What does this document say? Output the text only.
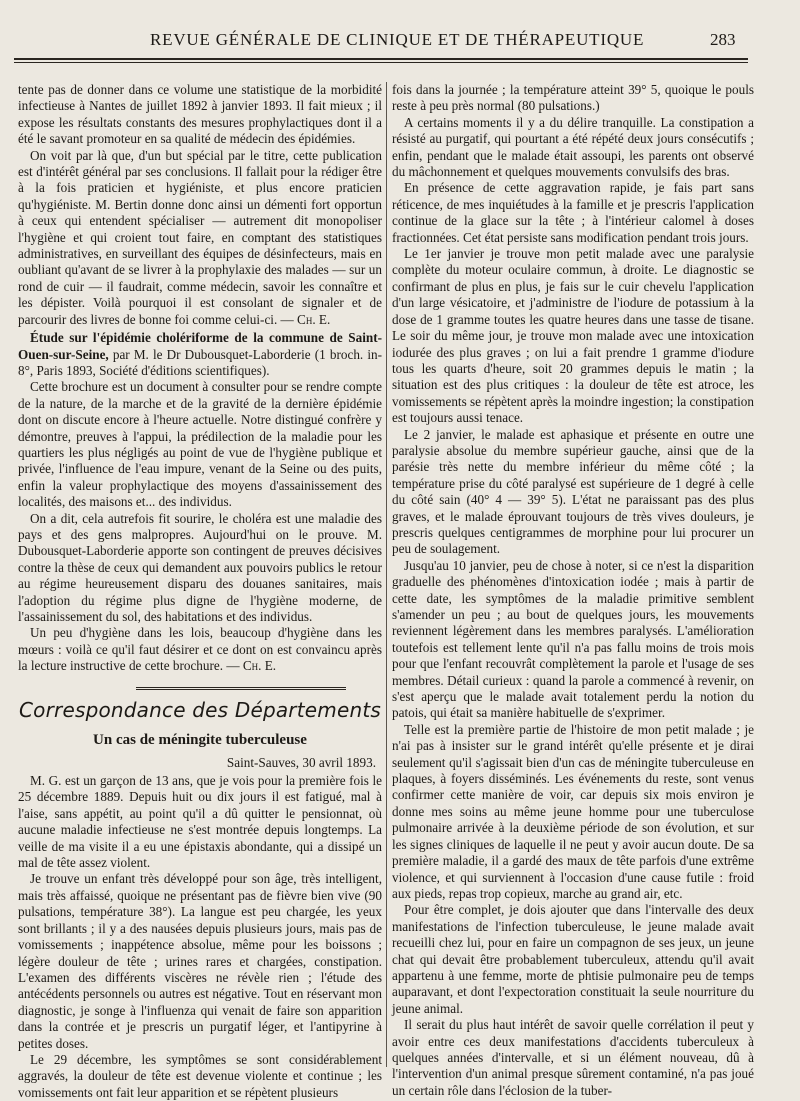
REVUE GÉNÉRALE DE CLINIQUE ET DE THÉRAPEUTIQUE	283

tente pas de donner dans ce volume une statistique de la morbidité infectieuse à Nantes de juillet 1892 à janvier 1893. Il fait mieux ; il expose les résultats constants des mesures prophylactiques dont il a été le savant promoteur en sa qualité de médecin des épidémies.

On voit par là que, d'un but spécial par le titre, cette publication est d'intérêt général par ses conclusions. Il fallait pour la rédiger être à la fois praticien et hygiéniste, et plus encore praticien qu'hygiéniste. M. Bertin donne donc ainsi un démenti fort opportun à ceux qui entendent spécialiser — autrement dit monopoliser l'hygiène et qui croient tout faire, en comptant des statistiques administratives, en surveillant des équipes de désinfecteurs, mais en oubliant qu'avant de se livrer à la prophylaxie des malades — sur un rond de cuir — il faudrait, comme médecin, savoir les connaître et les dépister. Voilà pourquoi il est consolant de signaler et de parcourir des livres de bonne foi comme celui-ci. — Ch. E.

Étude sur l'épidémie cholériforme de la commune de Saint-Ouen-sur-Seine, par M. le Dr Dubousquet-Laborderie (1 broch. in-8°, Paris 1893, Société d'éditions scientifiques).

Cette brochure est un document à consulter pour se rendre compte de la nature, de la marche et de la gravité de la dernière épidémie dont on discute encore à l'heure actuelle. Notre distingué confrère y démontre, preuves à l'appui, la prédilection de la maladie pour les quartiers les plus négligés au point de vue de l'hygiène publique et privée, l'influence de l'eau impure, venant de la Seine ou des puits, enfin la valeur prophylactique des moyens d'assainissement des localités, des maisons et... des individus.

On a dit, cela autrefois fit sourire, le choléra est une maladie des pays et des gens malpropres. Aujourd'hui on le prouve. M. Dubousquet-Laborderie apporte son contingent de preuves décisives contre la thèse de ceux qui demandent aux pouvoirs publics le retour au régime heureusement disparu des douanes sanitaires, mais l'adoption du régime plus digne de l'hygiène moderne, de l'assainissement du sol, des habitations et des individus.

Un peu d'hygiène dans les lois, beaucoup d'hygiène dans les mœurs : voilà ce qu'il faut désirer et ce dont on est convaincu après la lecture instructive de cette brochure. — Ch. E.

Correspondance des Départements
Un cas de méningite tuberculeuse
Saint-Sauves, 30 avril 1893.

M. G. est un garçon de 13 ans, que je vois pour la première fois le 25 décembre 1889. Depuis huit ou dix jours il est fatigué, mal à l'aise, sans appétit, au point qu'il a dû quitter le pensionnat, où aucune maladie infectieuse ne s'est montrée depuis longtemps. La veille de ma visite il a eu une épistaxis abondante, qui a dissipé un mal de tête assez violent.

Je trouve un enfant très développé pour son âge, très intelligent, mais très affaissé, quoique ne présentant pas de fièvre bien vive (90 pulsations, température 38°). La langue est peu chargée, les yeux sont brillants ; il y a des nausées depuis plusieurs jours, mais pas de vomissements ; inappétence absolue, même pour les boissons ; légère douleur de tête ; urines rares et chargées, constipation. L'examen des différents viscères ne révèle rien ; l'étude des antécédents personnels ou autres est négative. Tout en réservant mon diagnostic, je songe à l'influenza qui venait de faire son apparition dans la contrée et je prescris un purgatif léger, et l'antipyrine à petites doses.

Le 29 décembre, les symptômes se sont considérablement aggravés, la douleur de tête est devenue violente et continue ; les vomissements ont fait leur apparition et se répètent plusieurs

fois dans la journée ; la température atteint 39° 5, quoique le pouls reste à peu près normal (80 pulsations.)

A certains moments il y a du délire tranquille. La constipation a résisté au purgatif, qui pourtant a été répété deux jours consécutifs ; enfin, pendant que le malade était assoupi, les parents ont observé du mâchonnement et quelques mouvements convulsifs des bras.

En présence de cette aggravation rapide, je fais part sans réticence, de mes inquiétudes à la famille et je prescris l'application continue de la glace sur la tête ; à l'intérieur calomel à doses fractionnées. Cet état persiste sans modification pendant trois jours.

Le 1er janvier je trouve mon petit malade avec une paralysie complète du moteur oculaire commun, à droite. Le diagnostic se confirmant de plus en plus, je fais sur le cuir chevelu l'application d'un large vésicatoire, et j'administre de l'iodure de potassium à la dose de 1 gramme toutes les quatre heures dans une tasse de tisane. Le soir du même jour, je trouve mon malade avec une intoxication iodurée des plus graves ; on lui a fait prendre 1 gramme d'iodure tous les quarts d'heure, soit 20 grammes depuis le matin ; la situation est des plus critiques : la douleur de tête est atroce, les vomissements se répètent après la moindre ingestion; la constipation est toujours aussi tenace.

Le 2 janvier, le malade est aphasique et présente en outre une paralysie absolue du membre supérieur gauche, ainsi que de la parésie très nette du membre inférieur du même côté ; la température prise du côté paralysé est supérieure de 1 degré à celle du côté sain (40° 4 — 39° 5). L'état ne paraissant pas des plus graves, et le malade éprouvant toujours de très vives douleurs, je prescris quelques centigrammes de morphine pour lui procurer un peu de soulagement.

Jusqu'au 10 janvier, peu de chose à noter, si ce n'est la disparition graduelle des phénomènes d'intoxication iodée ; mais à partir de cette date, les symptômes de la maladie primitive semblent s'amender un peu ; au bout de quelques jours, les mouvements reviennent légèrement dans les membres paralysés. L'amélioration toutefois est tellement lente qu'il n'a pas fallu moins de trois mois pour que l'enfant recouvrât complètement la parole et l'usage de ses membres. Détail curieux : quand la parole a commencé à revenir, on s'est aperçu que le malade avait totalement perdu la notion du patois, qui était sa manière habituelle de s'exprimer.

Telle est la première partie de l'histoire de mon petit malade ; je n'ai pas à insister sur le grand intérêt qu'elle présente et je dirai seulement qu'il s'agissait bien d'un cas de méningite tuberculeuse en plaques, à foyers disséminés. Les événements du reste, sont venus confirmer cette manière de voir, car depuis six mois environ je donne mes soins au même jeune homme pour une tuberculose pulmonaire arrivée à la deuxième période de son évolution, et sur les signes cliniques de laquelle il ne peut y avoir aucun doute. De sa première maladie, il a gardé des maux de tête parfois d'une extrême violence, et qui surviennent à l'occasion d'une cause futile : froid aux pieds, repas trop copieux, marche au grand air, etc.

Pour être complet, je dois ajouter que dans l'intervalle des deux manifestations de l'infection tuberculeuse, le jeune malade avait recueilli chez lui, pour en faire un compagnon de ses jeux, un jeune chat qui devait être probablement tuberculeux, attendu qu'il avait appartenu à une femme, morte de phtisie pulmonaire peu de temps auparavant, et dont l'expectoration constituait la seule nourriture du jeune animal.

Il serait du plus haut intérêt de savoir quelle corrélation il peut y avoir entre ces deux manifestations d'accidents tuberculeux à quelques années d'intervalle, et si un élément nouveau, dû à l'intervention d'un animal presque sûrement contaminé, n'a pas joué un certain rôle dans l'éclosion de la tuber-
